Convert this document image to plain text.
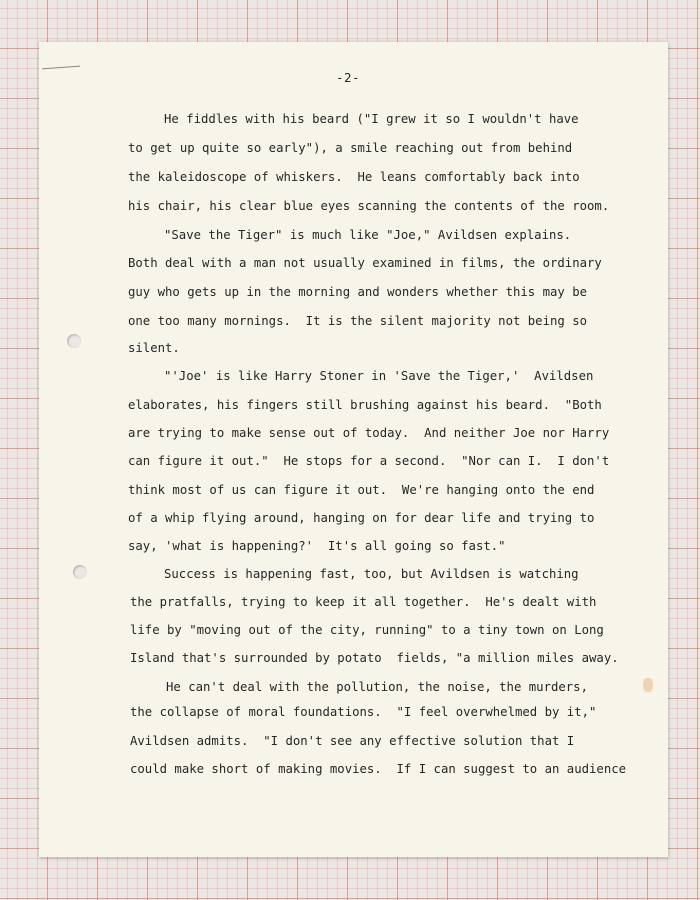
-2-
He fiddles with his beard ("I grew it so I wouldn't have
to get up quite so early"), a smile reaching out from behind
the kaleidoscope of whiskers.  He leans comfortably back into
his chair, his clear blue eyes scanning the contents of the room.
"Save the Tiger" is much like "Joe," Avildsen explains.
Both deal with a man not usually examined in films, the ordinary
guy who gets up in the morning and wonders whether this may be
one too many mornings.  It is the silent majority not being so
silent.
"'Joe' is like Harry Stoner in 'Save the Tiger,'  Avildsen
elaborates, his fingers still brushing against his beard.  "Both
are trying to make sense out of today.  And neither Joe nor Harry
can figure it out."  He stops for a second.  "Nor can I.  I don't
think most of us can figure it out.  We're hanging onto the end
of a whip flying around, hanging on for dear life and trying to
say, 'what is happening?'  It's all going so fast."
Success is happening fast, too, but Avildsen is watching
the pratfalls, trying to keep it all together.  He's dealt with
life by "moving out of the city, running" to a tiny town on Long
Island that's surrounded by potato  fields, "a million miles away.
He can't deal with the pollution, the noise, the murders,
the collapse of moral foundations.  "I feel overwhelmed by it,"
Avildsen admits.  "I don't see any effective solution that I
could make short of making movies.  If I can suggest to an audience
